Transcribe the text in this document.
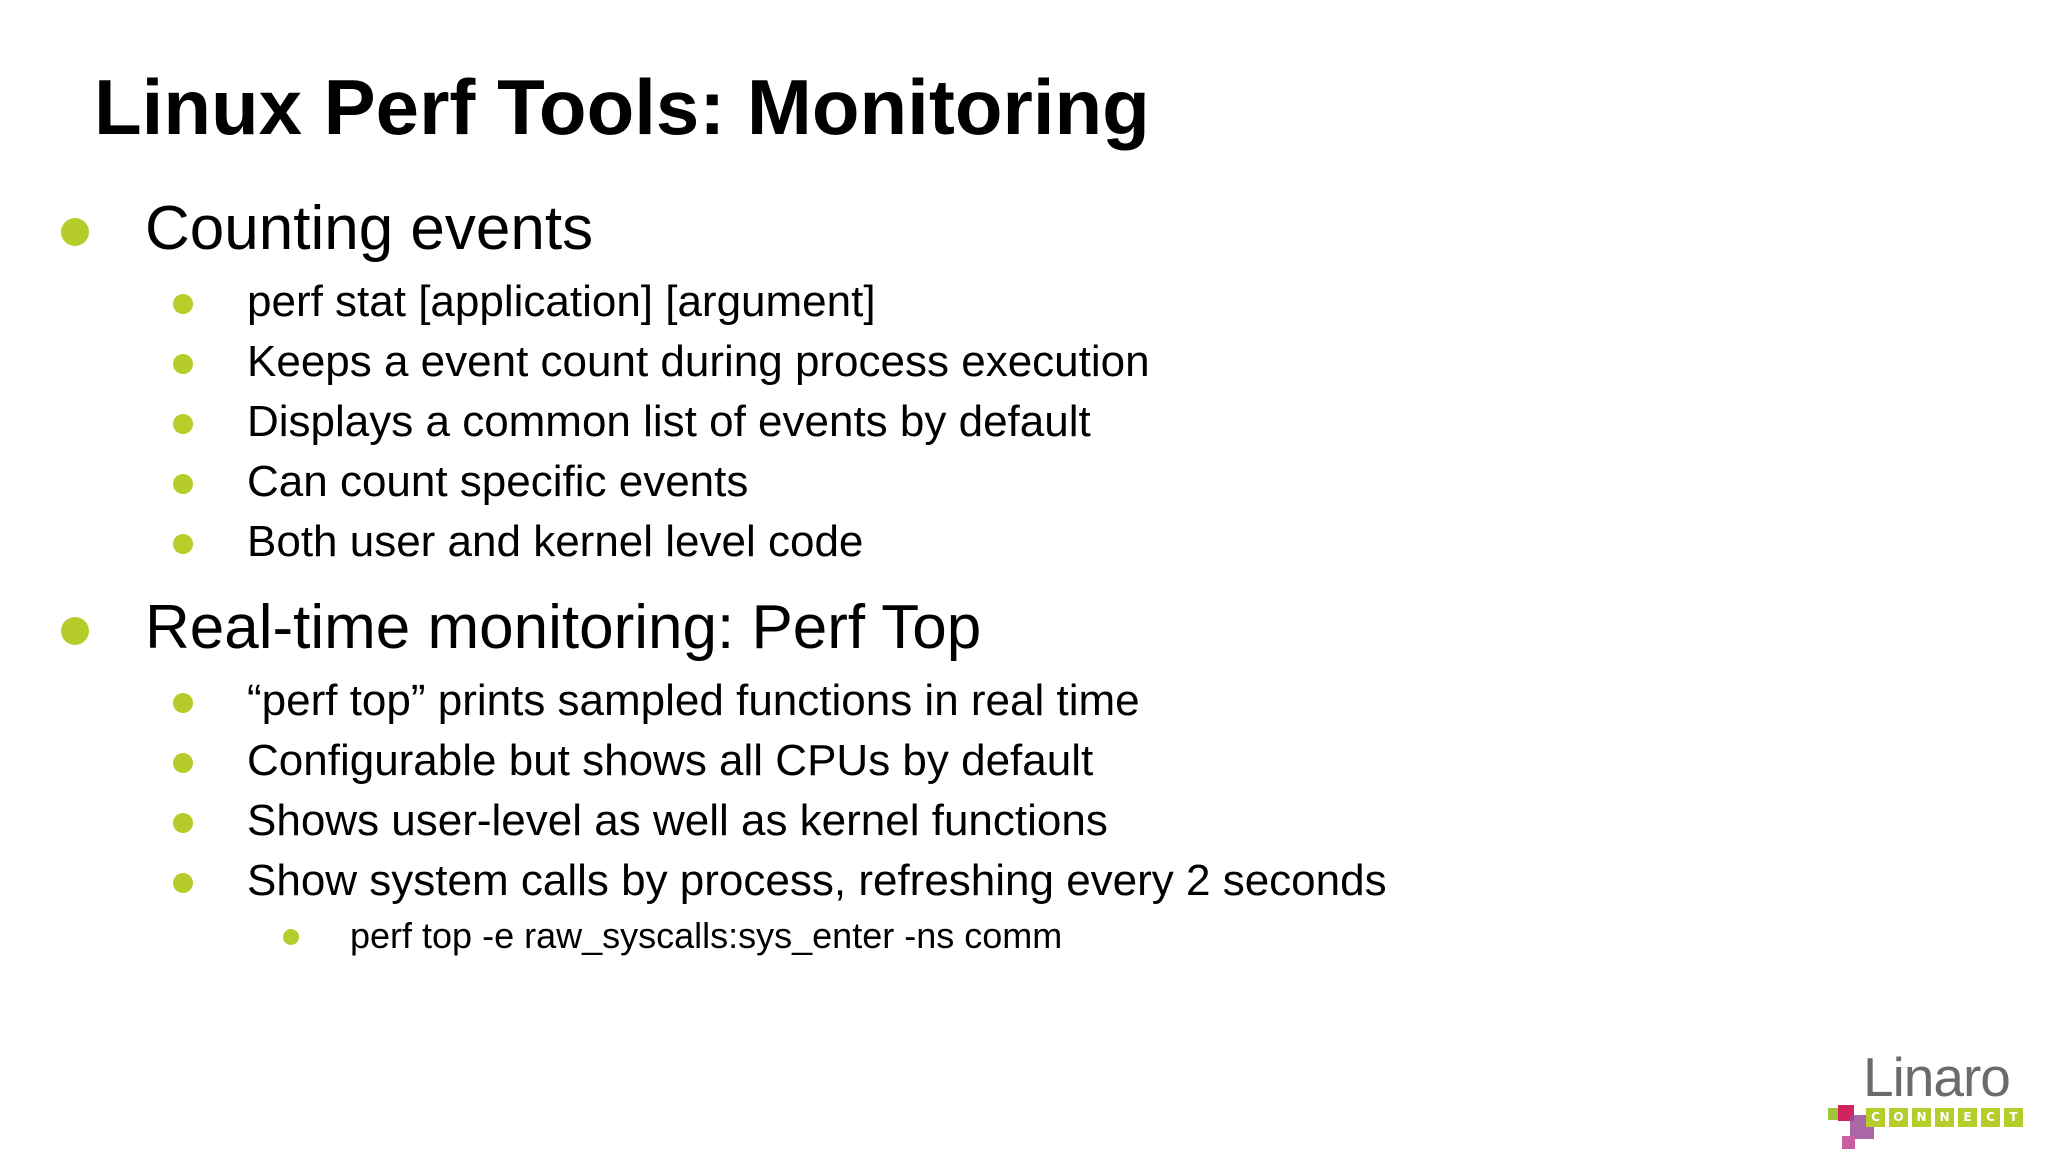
Linux Perf Tools: Monitoring
Counting events
perf stat [application] [argument]
Keeps a event count during process execution
Displays a common list of events by default
Can count specific events
Both user and kernel level code
Real-time monitoring: Perf Top
“perf top” prints sampled functions in real time
Configurable but shows all CPUs by default
Shows user-level as well as kernel functions
Show system calls by process, refreshing every 2 seconds
perf top -e raw_syscalls:sys_enter -ns comm
Linaro
C	O	N	N	E	C	T
